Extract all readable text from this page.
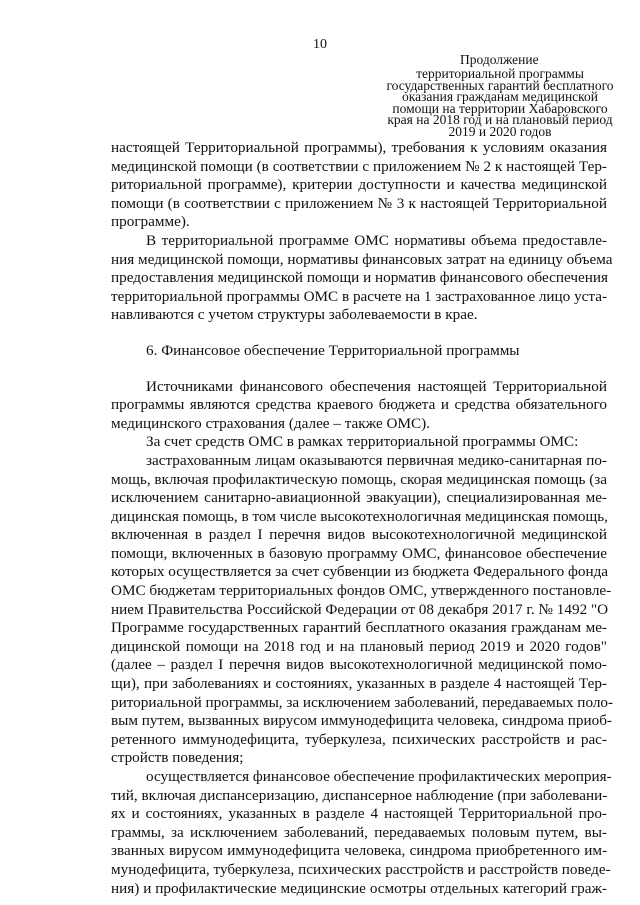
10
Продолжение
территориальной программы
государственных гарантий бесплатного
оказания гражданам медицинской
помощи на территории Хабаровского
края на 2018 год и на плановый период
2019 и 2020 годов
настоящей Территориальной программы), требования к условиям оказания
медицинской помощи (в соответствии с приложением № 2 к настоящей Тер-
риториальной программе), критерии доступности и качества медицинской
помощи (в соответствии с приложением № 3 к настоящей Территориальной
программе).
В территориальной программе ОМС нормативы объема предоставле-
ния медицинской помощи, нормативы финансовых затрат на единицу объема
предоставления медицинской помощи и норматив финансового обеспечения
территориальной программы ОМС в расчете на 1 застрахованное лицо уста-
навливаются с учетом структуры заболеваемости в крае.
6. Финансовое обеспечение Территориальной программы
Источниками финансового обеспечения настоящей Территориальной
программы являются средства краевого бюджета и средства обязательного
медицинского страхования (далее – также ОМС).
За счет средств ОМС в рамках территориальной программы ОМС:
застрахованным лицам оказываются первичная медико-санитарная по-
мощь, включая профилактическую помощь, скорая медицинская помощь (за
исключением санитарно-авиационной эвакуации), специализированная ме-
дицинская помощь, в том числе высокотехнологичная медицинская помощь,
включенная в раздел I перечня видов высокотехнологичной медицинской
помощи, включенных в базовую программу ОМС, финансовое обеспечение
которых осуществляется за счет субвенции из бюджета Федерального фонда
ОМС бюджетам территориальных фондов ОМС, утвержденного постановле-
нием Правительства Российской Федерации от 08 декабря 2017 г. № 1492 "О
Программе государственных гарантий бесплатного оказания гражданам ме-
дицинской помощи на 2018 год и на плановый период 2019 и 2020 годов"
(далее – раздел I перечня видов высокотехнологичной медицинской помо-
щи), при заболеваниях и состояниях, указанных в разделе 4 настоящей Тер-
риториальной программы, за исключением заболеваний, передаваемых поло-
вым путем, вызванных вирусом иммунодефицита человека, синдрома приоб-
ретенного иммунодефицита, туберкулеза, психических расстройств и рас-
стройств поведения;
осуществляется финансовое обеспечение профилактических мероприя-
тий, включая диспансеризацию, диспансерное наблюдение (при заболевани-
ях и состояниях, указанных в разделе 4 настоящей Территориальной про-
граммы, за исключением заболеваний, передаваемых половым путем, вы-
званных вирусом иммунодефицита человека, синдрома приобретенного им-
мунодефицита, туберкулеза, психических расстройств и расстройств поведе-
ния) и профилактические медицинские осмотры отдельных категорий граж-
